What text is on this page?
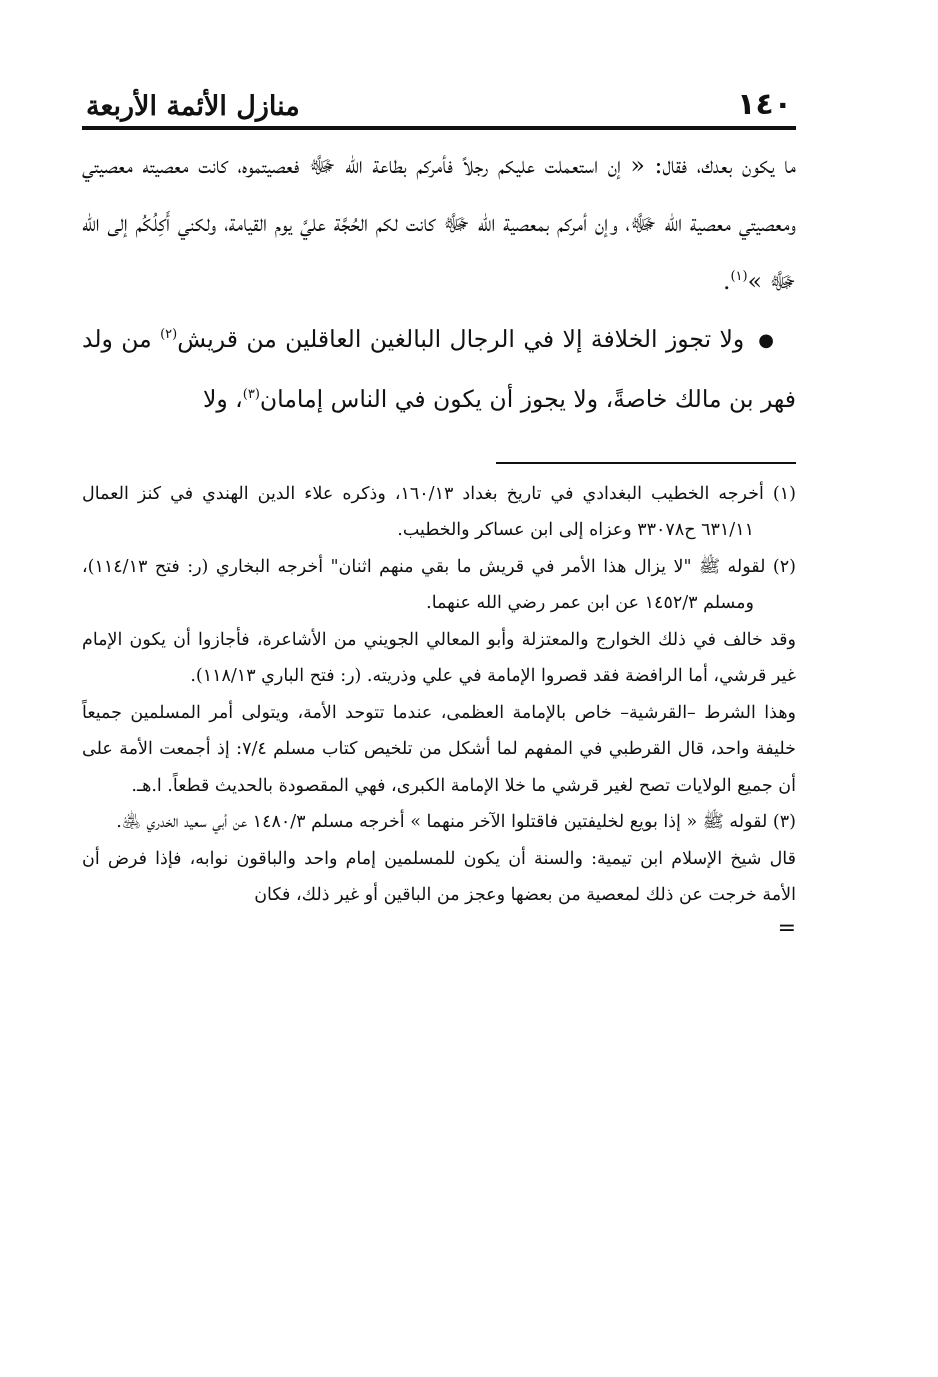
١٤٠
منازل الأئمة الأربعة

ما يكون بعدك، فقال: « إن استعملت عليكم رجلاً فأمركم بطاعة الله ﷻ فعصيتموه، كانت معصيته معصيتي ومعصيتي معصية الله ﷻ، وإن أمركم بمعصية الله ﷻ كانت لكم الحُجَّة عليَّ يوم القيامة، ولكني أَكِلُكُم إلى الله ﷻ »$^{(١)}$.

●ولا تجوز الخلافة إلا في الرجال البالغين العاقلين من قريش$^{(٢)}$ من ولد فهر بن مالك خاصةً، ولا يجوز أن يكون في الناس إمامان$^{(٣)}$، ولا

(١) أخرجه الخطيب البغدادي في تاريخ بغداد ١٦٠/١٣، وذكره علاء الدين الهندي في كنز العمال ٦٣١/١١ ح٣٣٠٧٨ وعزاه إلى ابن عساكر والخطيب.

(٢) لقوله ﷺ "لا يزال هذا الأمر في قريش ما بقي منهم اثنان" أخرجه البخاري (ر: فتح ١١٤/١٣)، ومسلم ١٤٥٢/٣ عن ابن عمر رضي الله عنهما.

وقد خالف في ذلك الخوارج والمعتزلة وأبو المعالي الجويني من الأشاعرة، فأجازوا أن يكون الإمام غير قرشي، أما الرافضة فقد قصروا الإمامة في علي وذريته. (ر: فتح الباري ١١٨/١٣).

وهذا الشرط –القرشية– خاص بالإمامة العظمى، عندما تتوحد الأمة، ويتولى أمر المسلمين جميعاً خليفة واحد، قال القرطبي في المفهم لما أشكل من تلخيص كتاب مسلم ٧/٤: إذ أجمعت الأمة على أن جميع الولايات تصح لغير قرشي ما خلا الإمامة الكبرى، فهي المقصودة بالحديث قطعاً. ا.هـ.

(٣) لقوله ﷺ « إذا بويع لخليفتين فاقتلوا الآخر منهما » أخرجه مسلم ١٤٨٠/٣ عن أبي سعيد الخدري ﵁.

قال شيخ الإسلام ابن تيمية: والسنة أن يكون للمسلمين إمام واحد والباقون نوابه، فإذا فرض أن الأمة خرجت عن ذلك لمعصية من بعضها وعجز من الباقين أو غير ذلك، فكان

=
